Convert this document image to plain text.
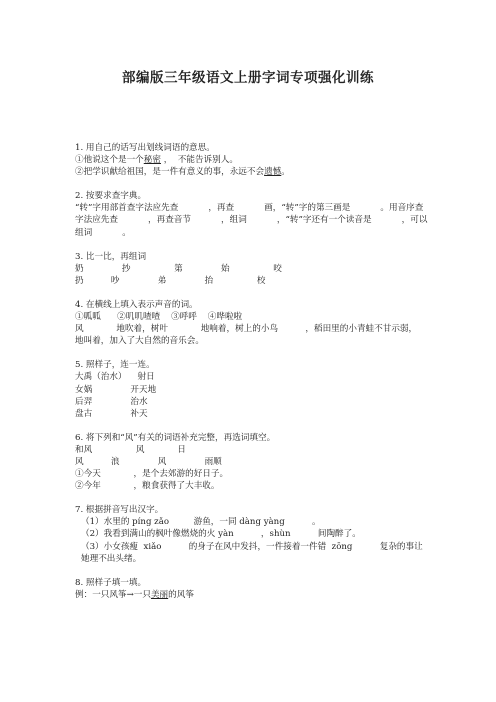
部编版三年级语文上册字词专项强化训练
1. 用自己的话写出划线词语的意思。
①他说这个是一个秘密 ，  不能告诉别人。
②把学识献给祖国，是一件有意义的事，永远不会遗憾。
2. 按要求查字典。
“转”字用部首查字法应先查           ，再查           画，“转”字的第三画是           。用音序查字法应先查           ，再查音节           ，组词           ，“转”字还有一个读音是           ，可以组词           。
3. 比一比，再组词
奶              抄                第              始                咬
扔          吵              弟              抬                校
4. 在横线上填入表示声音的词。
①呱呱      ②叽叽喳喳    ③呼呼    ④哗啦啦
风            地吹着，树叶            地响着，树上的小鸟          ，稻田里的小青蛙不甘示弱，            地叫着，加入了大自然的音乐会。
5. 照样子，连一连。
大禹（治水）    射日
女娲              开天地
后羿              治水
盘古              补天
6. 将下列和“风”有关的词语补充完整，再选词填空。
和风                风            日
风          浪              风              雨顺
①今天            ，是个去郊游的好日子。
②今年            ，粮食获得了大丰收。
7. 根据拼音写出汉字。
（1）水里的 píng zǎo         游鱼，一同 dàng yàng          。
（2）我看到满山的枫叶像燃烧的火 yàn          ，shùn          间陶醉了。
（3）小女孩瘦  xiǎo          的身子在风中发抖，一件接着一件错  zōng          复杂的事让她理不出头绪。
8. 照样子填一填。
例：一只风筝→一只美丽的风筝
